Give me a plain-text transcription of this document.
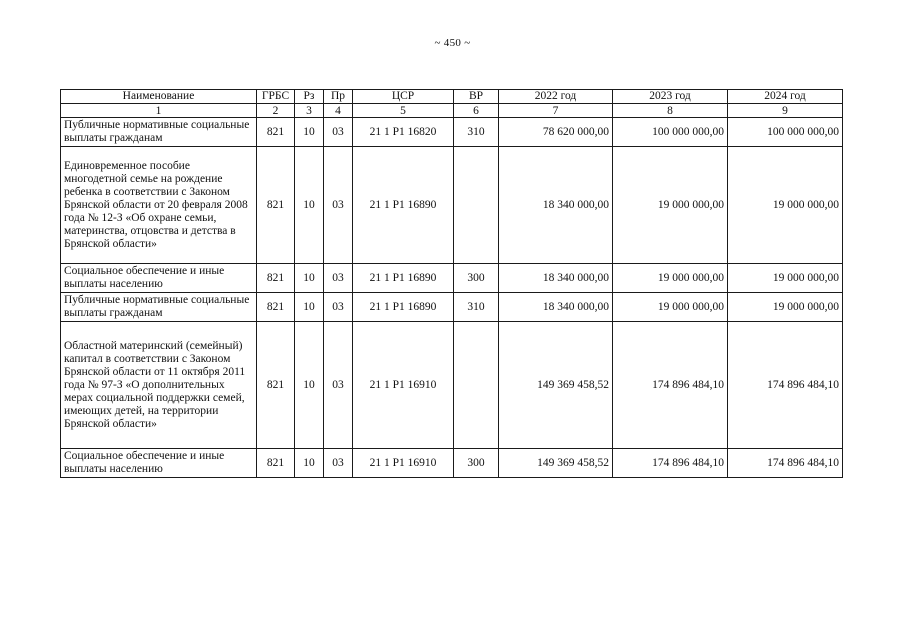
~ 450 ~
Наименование	ГРБС	Рз	Пр	ЦСР	ВР	2022 год	2023 год	2024 год
1	2	3	4	5	6	7	8	9
Публичные нормативные социальные выплаты гражданам	821	10	03	21 1 Р1 16820	310	78 620 000,00	100 000 000,00	100 000 000,00
Единовременное пособие многодетной семье на рождение ребенка в соответствии с Законом Брянской области от 20 февраля 2008 года № 12-З «Об охране семьи, материнства, отцовства и детства в Брянской области»	821	10	03	21 1 Р1 16890		18 340 000,00	19 000 000,00	19 000 000,00
Социальное обеспечение и иные выплаты населению	821	10	03	21 1 Р1 16890	300	18 340 000,00	19 000 000,00	19 000 000,00
Публичные нормативные социальные выплаты гражданам	821	10	03	21 1 Р1 16890	310	18 340 000,00	19 000 000,00	19 000 000,00
Областной материнский (семейный) капитал в соответствии с Законом Брянской области от 11 октября 2011 года № 97-З «О дополнительных мерах социальной поддержки семей, имеющих детей, на территории Брянской области»	821	10	03	21 1 Р1 16910		149 369 458,52	174 896 484,10	174 896 484,10
Социальное обеспечение и иные выплаты населению	821	10	03	21 1 Р1 16910	300	149 369 458,52	174 896 484,10	174 896 484,10
